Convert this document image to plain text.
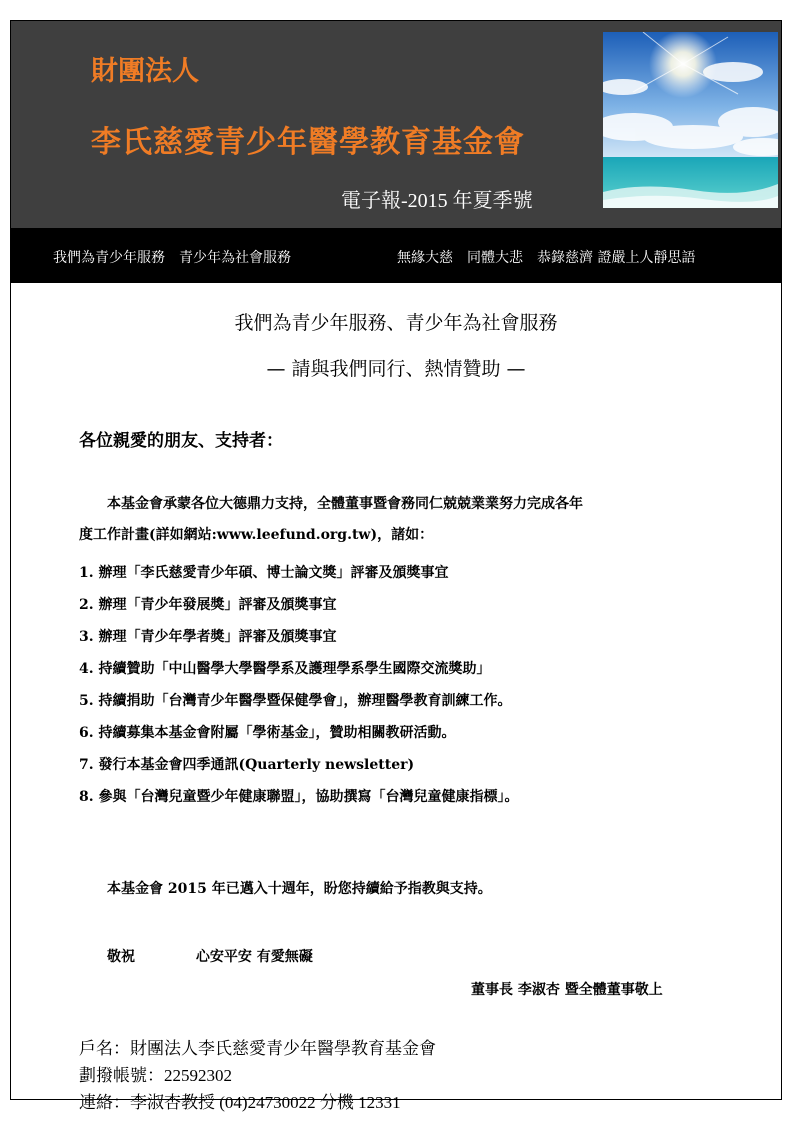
財團法人
李氏慈愛青少年醫學教育基金會
電子報-2015 年夏季號
我們為青少年服務　青少年為社會服務	無緣大慈　同體大悲　恭錄慈濟 證嚴上人靜思語
我們為青少年服務、青少年為社會服務
— 請與我們同行、熱情贊助 —
各位親愛的朋友、支持者：
本基金會承蒙各位大德鼎力支持，全體董事暨會務同仁兢兢業業努力完成各年
度工作計畫(詳如網站:www.leefund.org.tw)，諸如：
1. 辦理「李氏慈愛青少年碩、博士論文獎」評審及頒獎事宜
2. 辦理「青少年發展獎」評審及頒獎事宜
3. 辦理「青少年學者獎」評審及頒獎事宜
4. 持續贊助「中山醫學大學醫學系及護理學系學生國際交流獎助」
5. 持續捐助「台灣青少年醫學暨保健學會」，辦理醫學教育訓練工作。
6. 持續募集本基金會附屬「學術基金」，贊助相關教研活動。
7. 發行本基金會四季通訊(Quarterly newsletter)
8. 參與「台灣兒童暨少年健康聯盟」，協助撰寫「台灣兒童健康指標」。
本基金會 2015 年已邁入十週年，盼您持續給予指教與支持。
敬祝	心安平安 有愛無礙
董事長 李淑杏 暨全體董事敬上
戶名：財團法人李氏慈愛青少年醫學教育基金會
劃撥帳號：22592302
連絡：李淑杏教授 (04)24730022 分機 12331
